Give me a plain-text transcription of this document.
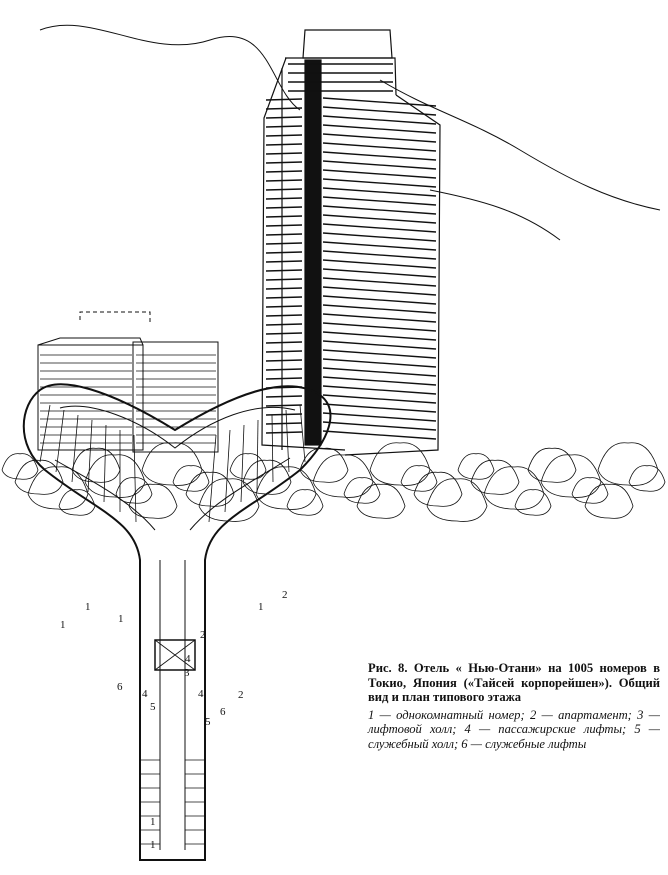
1
1
1
1
1
1
2
2
2
3
4
4	4
5
5
6
6

Рис. 8. Отель « Нью-Отани» на 1005 номеров в Токио, Япония («Тайсей корпорейшен»). Общий вид и план типового этажа

1 — однокомнатный номер; 2 — апартамент; 3 — лифтовой холл; 4 — пассажирские лифты; 5 — служебный холл; 6 — служебные лифты
